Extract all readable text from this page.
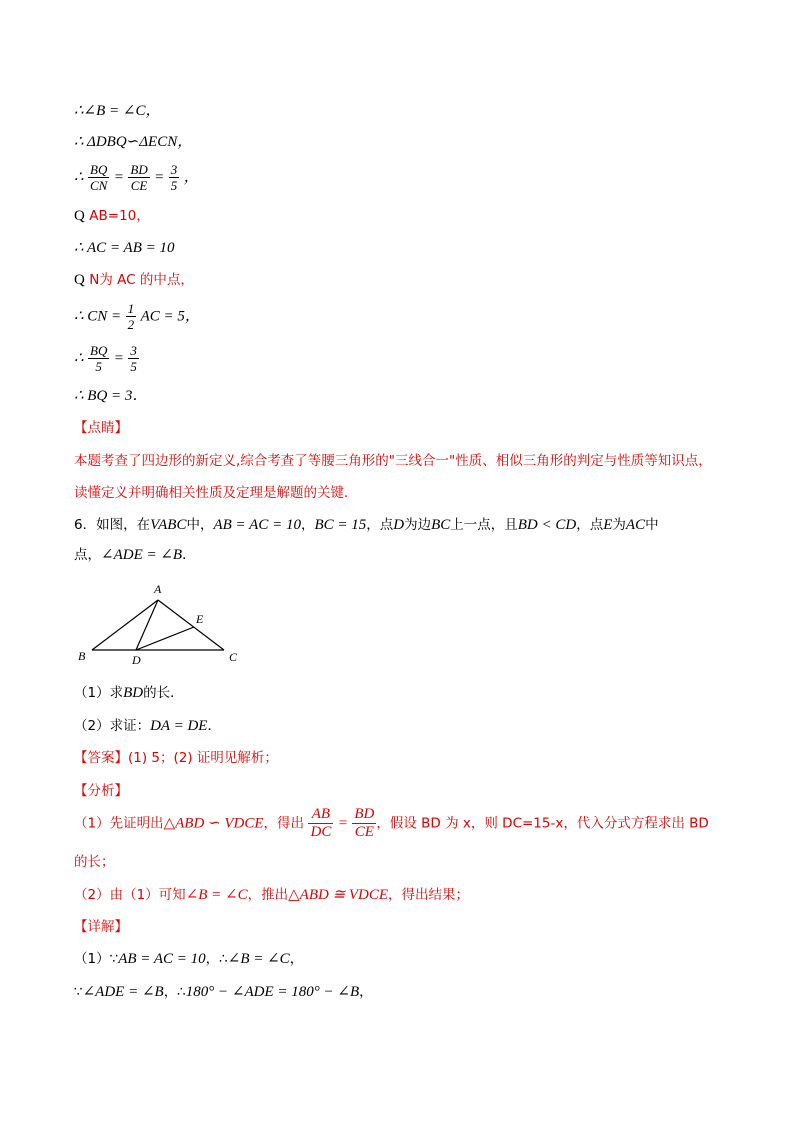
∴∠B = ∠C，
∴ ΔDBQ∽ΔECN，
∴ $\frac{BQ}{CN} = \frac{BD}{CE} = \frac{3}{5}$ ，
Q AB=10，
∴ AC = AB = 10
Q N为 AC 的中点，
∴ CN = $\frac{1}{2}$ AC = 5，
∴ $\frac{BQ}{5} = \frac{3}{5}$
∴ BQ = 3．
【点睛】
本题考查了四边形的新定义,综合考查了等腰三角形的"三线合一"性质、相似三角形的判定与性质等知识点，
读懂定义并明确相关性质及定理是解题的关键．
6．如图，在VABC中，AB = AC = 10，BC = 15，点D为边BC上一点，且BD < CD，点E为AC中
点，∠ADE = ∠B．
A
B	C
D
E
（1）求BD的长．
（2）求证：DA = DE．
【答案】(1) 5；(2) 证明见解析；
【分析】
（1）先证明出△ABD ∽ VDCE，得出 $\frac{AB}{DC} = \frac{BD}{CE}$ ，假设 BD 为 x，则 DC=15-x，代入分式方程求出 BD
的长；
（2）由（1）可知∠B = ∠C，推出△ABD ≅ VDCE，得出结果；
【详解】
（1）∵AB = AC = 10，∴∠B = ∠C，
∵∠ADE = ∠B，∴180° − ∠ADE = 180° − ∠B，
